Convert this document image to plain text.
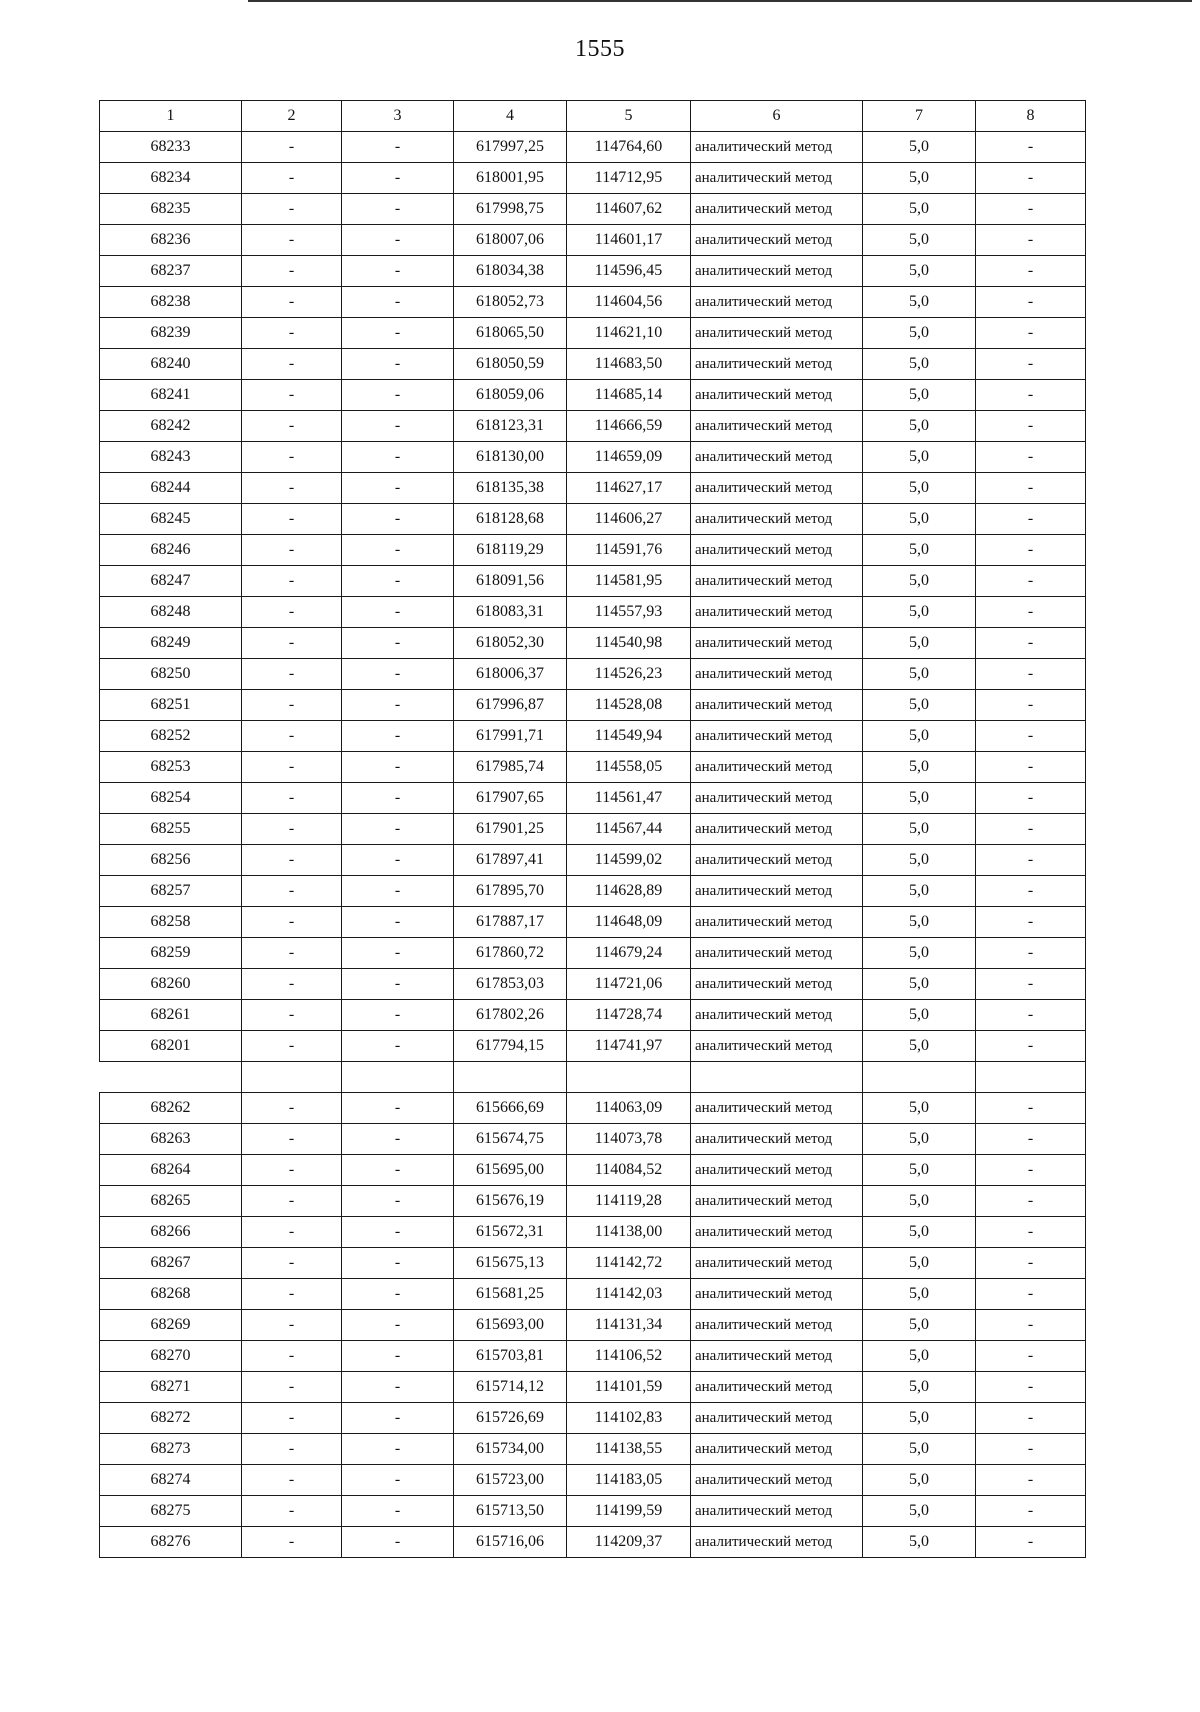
1555
1	2	3	4	5	6	7	8
68233	-	-	617997,25	114764,60	аналитический метод	5,0	-
68234	-	-	618001,95	114712,95	аналитический метод	5,0	-
68235	-	-	617998,75	114607,62	аналитический метод	5,0	-
68236	-	-	618007,06	114601,17	аналитический метод	5,0	-
68237	-	-	618034,38	114596,45	аналитический метод	5,0	-
68238	-	-	618052,73	114604,56	аналитический метод	5,0	-
68239	-	-	618065,50	114621,10	аналитический метод	5,0	-
68240	-	-	618050,59	114683,50	аналитический метод	5,0	-
68241	-	-	618059,06	114685,14	аналитический метод	5,0	-
68242	-	-	618123,31	114666,59	аналитический метод	5,0	-
68243	-	-	618130,00	114659,09	аналитический метод	5,0	-
68244	-	-	618135,38	114627,17	аналитический метод	5,0	-
68245	-	-	618128,68	114606,27	аналитический метод	5,0	-
68246	-	-	618119,29	114591,76	аналитический метод	5,0	-
68247	-	-	618091,56	114581,95	аналитический метод	5,0	-
68248	-	-	618083,31	114557,93	аналитический метод	5,0	-
68249	-	-	618052,30	114540,98	аналитический метод	5,0	-
68250	-	-	618006,37	114526,23	аналитический метод	5,0	-
68251	-	-	617996,87	114528,08	аналитический метод	5,0	-
68252	-	-	617991,71	114549,94	аналитический метод	5,0	-
68253	-	-	617985,74	114558,05	аналитический метод	5,0	-
68254	-	-	617907,65	114561,47	аналитический метод	5,0	-
68255	-	-	617901,25	114567,44	аналитический метод	5,0	-
68256	-	-	617897,41	114599,02	аналитический метод	5,0	-
68257	-	-	617895,70	114628,89	аналитический метод	5,0	-
68258	-	-	617887,17	114648,09	аналитический метод	5,0	-
68259	-	-	617860,72	114679,24	аналитический метод	5,0	-
68260	-	-	617853,03	114721,06	аналитический метод	5,0	-
68261	-	-	617802,26	114728,74	аналитический метод	5,0	-
68201	-	-	617794,15	114741,97	аналитический метод	5,0	-

68262	-	-	615666,69	114063,09	аналитический метод	5,0	-
68263	-	-	615674,75	114073,78	аналитический метод	5,0	-
68264	-	-	615695,00	114084,52	аналитический метод	5,0	-
68265	-	-	615676,19	114119,28	аналитический метод	5,0	-
68266	-	-	615672,31	114138,00	аналитический метод	5,0	-
68267	-	-	615675,13	114142,72	аналитический метод	5,0	-
68268	-	-	615681,25	114142,03	аналитический метод	5,0	-
68269	-	-	615693,00	114131,34	аналитический метод	5,0	-
68270	-	-	615703,81	114106,52	аналитический метод	5,0	-
68271	-	-	615714,12	114101,59	аналитический метод	5,0	-
68272	-	-	615726,69	114102,83	аналитический метод	5,0	-
68273	-	-	615734,00	114138,55	аналитический метод	5,0	-
68274	-	-	615723,00	114183,05	аналитический метод	5,0	-
68275	-	-	615713,50	114199,59	аналитический метод	5,0	-
68276	-	-	615716,06	114209,37	аналитический метод	5,0	-
